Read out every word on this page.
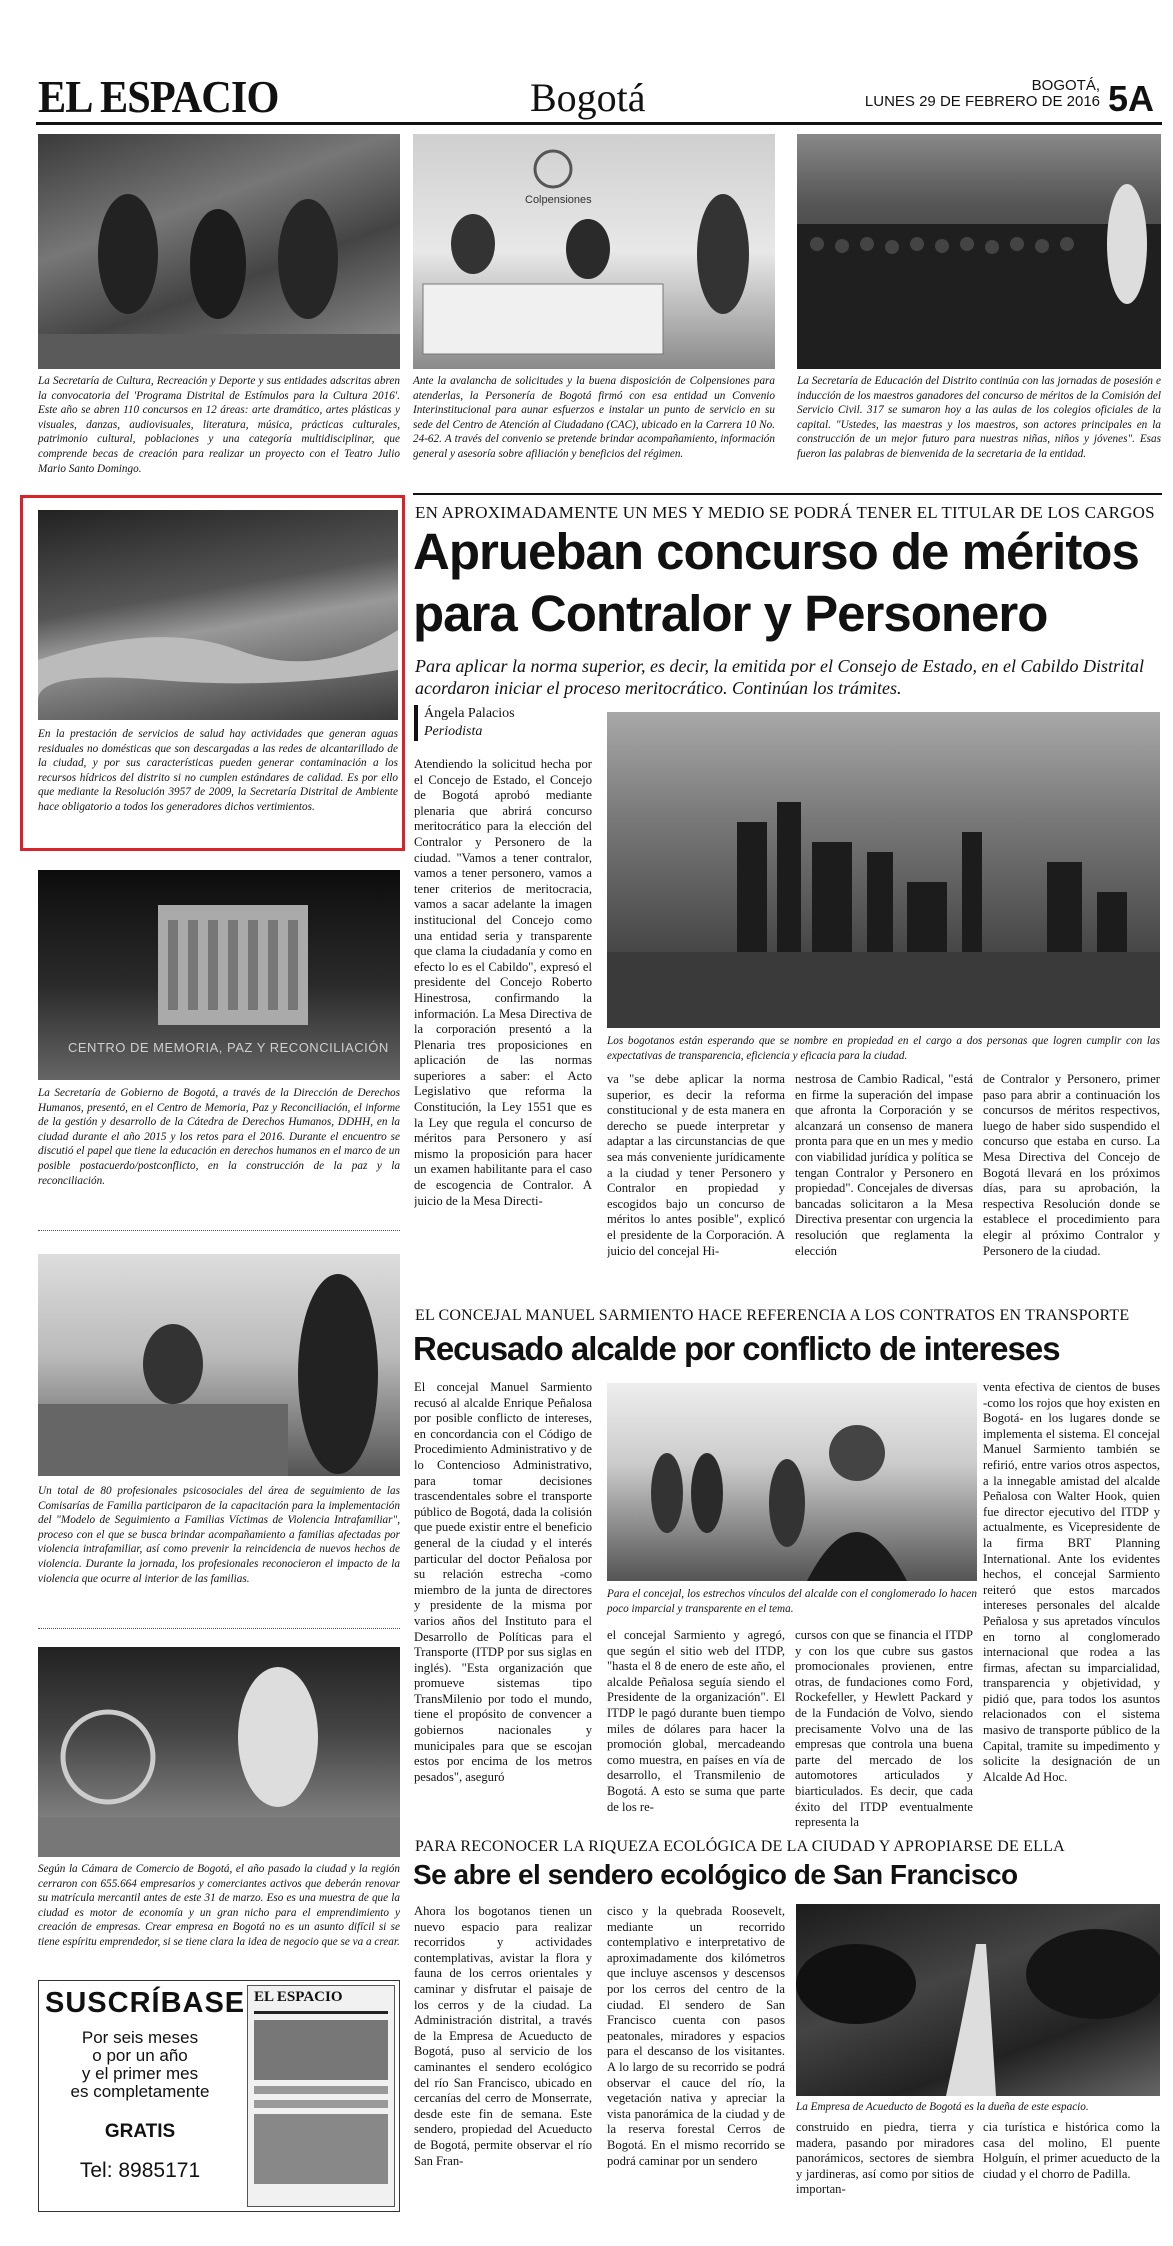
EL ESPACIO	Bogotá	BOGOTÁ,
LUNES 29 DE FEBRERO DE 2016 5A
La Secretaría de Cultura, Recreación y Deporte y sus entidades adscritas abren la convocatoria del 'Programa Distrital de Estímulos para la Cultura 2016'. Este año se abren 110 concursos en 12 áreas: arte dramático, artes plásticas y visuales, danzas, audiovisuales, literatura, música, prácticas culturales, patrimonio cultural, poblaciones y una categoría multidisciplinar, que comprende becas de creación para realizar un proyecto con el Teatro Julio Mario Santo Domingo.
Colpensiones
Ante la avalancha de solicitudes y la buena disposición de Colpensiones para atenderlas, la Personería de Bogotá firmó con esa entidad un Convenio Interinstitucional para aunar esfuerzos e instalar un punto de servicio en su sede del Centro de Atención al Ciudadano (CAC), ubicado en la Carrera 10 No. 24-62. A través del convenio se pretende brindar acompañamiento, información general y asesoría sobre afiliación y beneficios del régimen.
La Secretaría de Educación del Distrito continúa con las jornadas de posesión e inducción de los maestros ganadores del concurso de méritos de la Comisión del Servicio Civil. 317 se sumaron hoy a las aulas de los colegios oficiales de la capital. "Ustedes, las maestras y los maestros, son actores principales en la construcción de un mejor futuro para nuestras niñas, niños y jóvenes". Esas fueron las palabras de bienvenida de la secretaria de la entidad.
En la prestación de servicios de salud hay actividades que generan aguas residuales no domésticas que son descargadas a las redes de alcantarillado de la ciudad, y por sus características pueden generar contaminación a los recursos hídricos del distrito si no cumplen estándares de calidad. Es por ello que mediante la Resolución 3957 de 2009, la Secretaría Distrital de Ambiente hace obligatorio a todos los generadores dichos vertimientos.
CENTRO DE MEMORIA, PAZ Y RECONCILIACIÓN
La Secretaría de Gobierno de Bogotá, a través de la Dirección de Derechos Humanos, presentó, en el Centro de Memoria, Paz y Reconciliación, el informe de la gestión y desarrollo de la Cátedra de Derechos Humanos, DDHH, en la ciudad durante el año 2015 y los retos para el 2016. Durante el encuentro se discutió el papel que tiene la educación en derechos humanos en el marco de un posible postacuerdo/postconflicto, en la construcción de la paz y la reconciliación.
Un total de 80 profesionales psicosociales del área de seguimiento de las Comisarías de Familia participaron de la capacitación para la implementación del "Modelo de Seguimiento a Familias Víctimas de Violencia Intrafamiliar", proceso con el que se busca brindar acompañamiento a familias afectadas por violencia intrafamiliar, así como prevenir la reincidencia de nuevos hechos de violencia. Durante la jornada, los profesionales reconocieron el impacto de la violencia que ocurre al interior de las familias.
Según la Cámara de Comercio de Bogotá, el año pasado la ciudad y la región cerraron con 655.664 empresarios y comerciantes activos que deberán renovar su matrícula mercantil antes de este 31 de marzo. Eso es una muestra de que la ciudad es motor de economía y un gran nicho para el emprendimiento y creación de empresas. Crear empresa en Bogotá no es un asunto difícil si se tiene espíritu emprendedor, si se tiene clara la idea de negocio que se va a crear.
SUSCRÍBASE
Por seis meses
o por un año
y el primer mes
es completamente
GRATIS
Tel: 8985171
EL ESPACIO
EN APROXIMADAMENTE UN MES Y MEDIO SE PODRÁ TENER EL TITULAR DE LOS CARGOS
Aprueban concurso de méritos
para Contralor y Personero
Para aplicar la norma superior, es decir, la emitida por el Consejo de Estado, en el Cabildo Distrital acordaron iniciar el proceso meritocrático. Continúan los trámites.
Ángela Palacios
Periodista
Atendiendo la solicitud hecha por el Concejo de Estado, el Concejo de Bogotá aprobó mediante plenaria que abrirá concurso meritocrático para la elección del Contralor y Personero de la ciudad. "Vamos a tener contralor, vamos a tener personero, vamos a tener criterios de meritocracia, vamos a sacar adelante la imagen institucional del Concejo como una entidad seria y transparente que clama la ciudadanía y como en efecto lo es el Cabildo", expresó el presidente del Concejo Roberto Hinestrosa, confirmando la información. La Mesa Directiva de la corporación presentó a la Plenaria tres proposiciones en aplicación de las normas superiores a saber: el Acto Legislativo que reforma la Constitución, la Ley 1551 que es la Ley que regula el concurso de méritos para Personero y así mismo la proposición para hacer un examen habilitante para el caso de escogencia de Contralor. A juicio de la Mesa Directi-
Los bogotanos están esperando que se nombre en propiedad en el cargo a dos personas que logren cumplir con las expectativas de transparencia, eficiencia y eficacia para la ciudad.
va "se debe aplicar la norma superior, es decir la reforma constitucional y de esta manera en derecho se puede interpretar y adaptar a las circunstancias de que sea más conveniente jurídicamente a la ciudad y tener Personero y Contralor en propiedad y escogidos bajo un concurso de méritos lo antes posible", explicó el presidente de la Corporación. A juicio del concejal Hi-
nestrosa de Cambio Radical, "está en firme la superación del impase que afronta la Corporación y se alcanzará un consenso de manera pronta para que en un mes y medio con viabilidad jurídica y política se tengan Contralor y Personero en propiedad". Concejales de diversas bancadas solicitaron a la Mesa Directiva presentar con urgencia la resolución que reglamenta la elección
de Contralor y Personero, primer paso para abrir a continuación los concursos de méritos respectivos, luego de haber sido suspendido el concurso que estaba en curso. La Mesa Directiva del Concejo de Bogotá llevará en los próximos días, para su aprobación, la respectiva Resolución donde se establece el procedimiento para elegir al próximo Contralor y Personero de la ciudad.
EL CONCEJAL MANUEL SARMIENTO HACE REFERENCIA A LOS CONTRATOS EN TRANSPORTE
Recusado alcalde por conflicto de intereses
El concejal Manuel Sarmiento recusó al alcalde Enrique Peñalosa por posible conflicto de intereses, en concordancia con el Código de Procedimiento Administrativo y de lo Contencioso Administrativo, para tomar decisiones trascendentales sobre el transporte público de Bogotá, dada la colisión que puede existir entre el beneficio general de la ciudad y el interés particular del doctor Peñalosa por su relación estrecha -como miembro de la junta de directores y presidente de la misma por varios años del Instituto para el Desarrollo de Políticas para el Transporte (ITDP por sus siglas en inglés). "Esta organización que promueve sistemas tipo TransMilenio por todo el mundo, tiene el propósito de convencer a gobiernos nacionales y municipales para que se escojan estos por encima de los metros pesados", aseguró
Para el concejal, los estrechos vínculos del alcalde con el conglomerado lo hacen poco imparcial y transparente en el tema.
el concejal Sarmiento y agregó, que según el sitio web del ITDP, "hasta el 8 de enero de este año, el alcalde Peñalosa seguía siendo el Presidente de la organización". El ITDP le pagó durante buen tiempo miles de dólares para hacer la promoción global, mercadeando como muestra, en países en vía de desarrollo, el Transmilenio de Bogotá. A esto se suma que parte de los re-
cursos con que se financia el ITDP y con los que cubre sus gastos promocionales provienen, entre otras, de fundaciones como Ford, Rockefeller, y Hewlett Packard y de la Fundación de Volvo, siendo precisamente Volvo una de las empresas que controla una buena parte del mercado de los automotores articulados y biarticulados. Es decir, que cada éxito del ITDP eventualmente representa la
venta efectiva de cientos de buses -como los rojos que hoy existen en Bogotá- en los lugares donde se implementa el sistema. El concejal Manuel Sarmiento también se refirió, entre varios otros aspectos, a la innegable amistad del alcalde Peñalosa con Walter Hook, quien fue director ejecutivo del ITDP y actualmente, es Vicepresidente de la firma BRT Planning International. Ante los evidentes hechos, el concejal Sarmiento reiteró que estos marcados intereses personales del alcalde Peñalosa y sus apretados vínculos en torno al conglomerado internacional que rodea a las firmas, afectan su imparcialidad, transparencia y objetividad, y pidió que, para todos los asuntos relacionados con el sistema masivo de transporte público de la Capital, tramite su impedimento y solicite la designación de un Alcalde Ad Hoc.
PARA RECONOCER LA RIQUEZA ECOLÓGICA DE LA CIUDAD Y APROPIARSE DE ELLA
Se abre el sendero ecológico de San Francisco
Ahora los bogotanos tienen un nuevo espacio para realizar recorridos y actividades contemplativas, avistar la flora y fauna de los cerros orientales y caminar y disfrutar el paisaje de los cerros y de la ciudad. La Administración distrital, a través de la Empresa de Acueducto de Bogotá, puso al servicio de los caminantes el sendero ecológico del río San Francisco, ubicado en cercanías del cerro de Monserrate, desde este fin de semana. Este sendero, propiedad del Acueducto de Bogotá, permite observar el río San Fran-
cisco y la quebrada Roosevelt, mediante un recorrido contemplativo e interpretativo de aproximadamente dos kilómetros que incluye ascensos y descensos por los cerros del centro de la ciudad. El sendero de San Francisco cuenta con pasos peatonales, miradores y espacios para el descanso de los visitantes. A lo largo de su recorrido se podrá observar el cauce del río, la vegetación nativa y apreciar la vista panorámica de la ciudad y de la reserva forestal Cerros de Bogotá. En el mismo recorrido se podrá caminar por un sendero
La Empresa de Acueducto de Bogotá es la dueña de este espacio.
construido en piedra, tierra y madera, pasando por miradores panorámicos, sectores de siembra y jardineras, así como por sitios de importan-
cia turística e histórica como la casa del molino, El puente Holguín, el primer acueducto de la ciudad y el chorro de Padilla.
